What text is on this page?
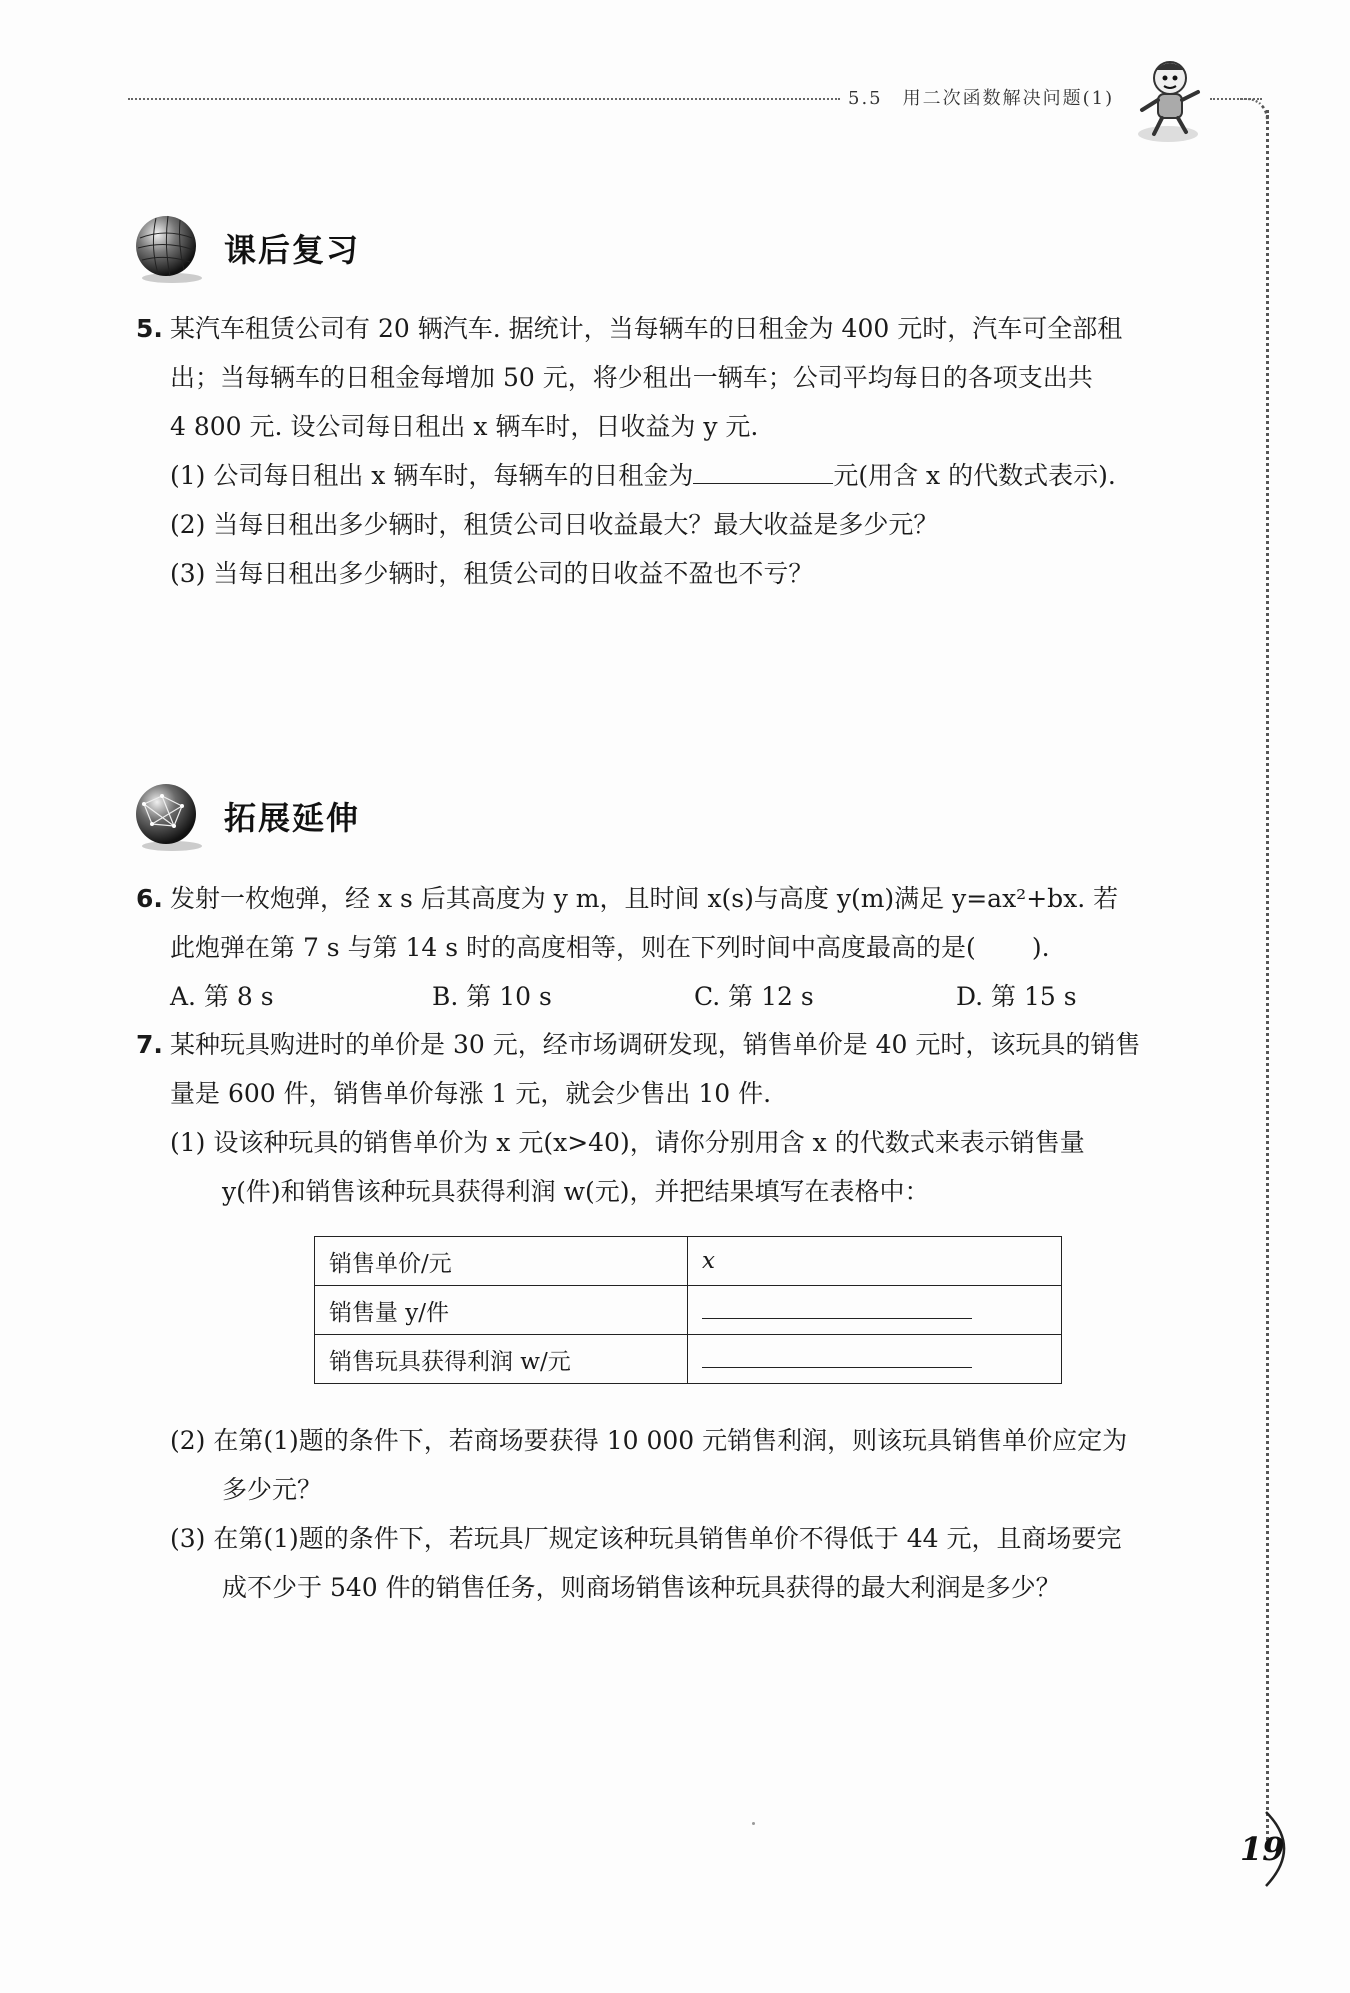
5.5　用二次函数解决问题(1)
课后复习
5. 某汽车租赁公司有 20 辆汽车. 据统计，当每辆车的日租金为 400 元时，汽车可全部租
出；当每辆车的日租金每增加 50 元，将少租出一辆车；公司平均每日的各项支出共
4 800 元. 设公司每日租出 x 辆车时，日收益为 y 元.
(1) 公司每日租出 x 辆车时，每辆车的日租金为	元(用含 x 的代数式表示).
(2) 当每日租出多少辆时，租赁公司日收益最大？最大收益是多少元？
(3) 当每日租出多少辆时，租赁公司的日收益不盈也不亏？
拓展延伸
6. 发射一枚炮弹，经 x s 后其高度为 y m，且时间 x(s)与高度 y(m)满足 y=ax²+bx. 若
此炮弹在第 7 s 与第 14 s 时的高度相等，则在下列时间中高度最高的是( ).
A. 第 8 s	B. 第 10 s	C. 第 12 s	D. 第 15 s
7. 某种玩具购进时的单价是 30 元，经市场调研发现，销售单价是 40 元时，该玩具的销售
量是 600 件，销售单价每涨 1 元，就会少售出 10 件.
(1) 设该种玩具的销售单价为 x 元(x>40)，请你分别用含 x 的代数式来表示销售量
y(件)和销售该种玩具获得利润 w(元)，并把结果填写在表格中：
销售单价/元	x
销售量 y/件	
销售玩具获得利润 w/元	
(2) 在第(1)题的条件下，若商场要获得 10 000 元销售利润，则该玩具销售单价应定为
多少元？
(3) 在第(1)题的条件下，若玩具厂规定该种玩具销售单价不得低于 44 元，且商场要完
成不少于 540 件的销售任务，则商场销售该种玩具获得的最大利润是多少？
19
